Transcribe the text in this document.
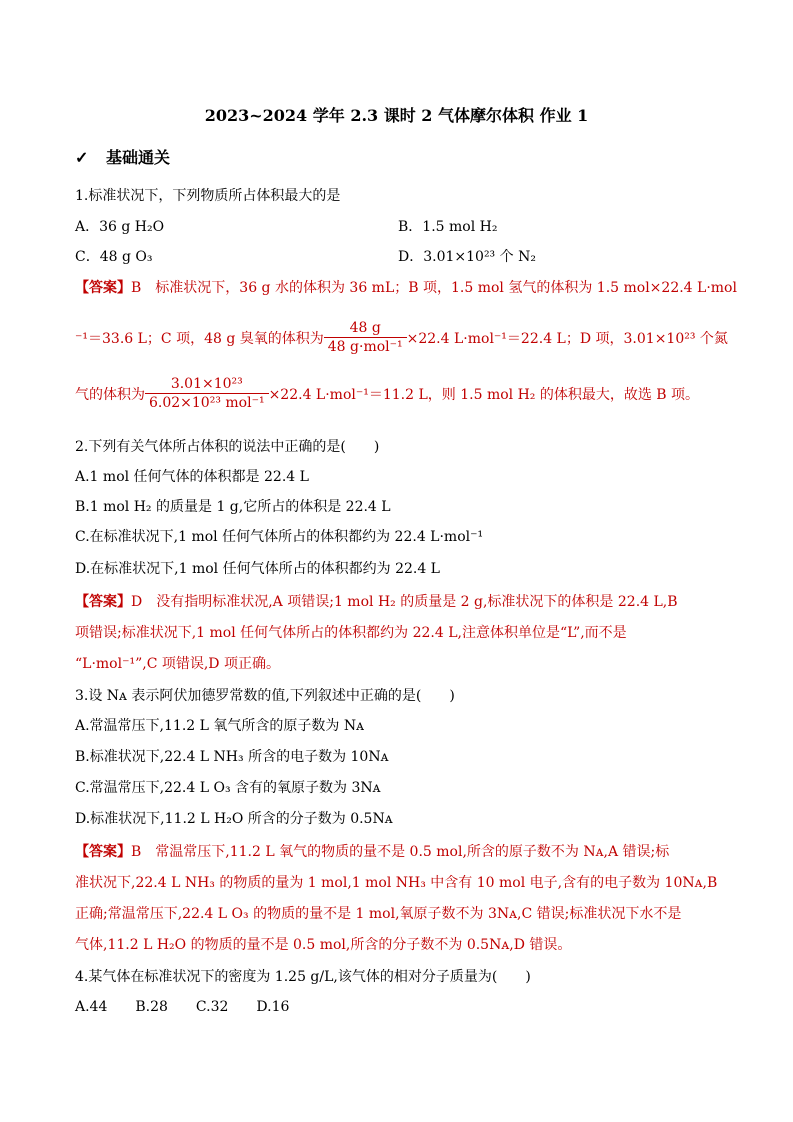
2023~2024 学年 2.3 课时 2 气体摩尔体积 作业 1
✓ 基础通关
1.标准状况下，下列物质所占体积最大的是
A．36 g H₂O	B．1.5 mol H₂
C．48 g O₃	D．3.01×10²³ 个 N₂
【答案】B　标准状况下，36 g 水的体积为 36 mL；B 项，1.5 mol 氢气的体积为 1.5 mol×22.4 L·mol
⁻¹＝33.6 L；C 项，48 g 臭氧的体积为 $\frac{48 g}{\text{48 g·mol⁻¹}} \times 22.4$ L·mol⁻¹＝22.4 L；D 项，3.01×10²³ 个氮
气的体积为 $\frac{\text{3.01×10²³}}{\text{6.02×10²³ mol⁻¹}} \times 22.4$ L·mol⁻¹＝11.2 L，则 1.5 mol H₂ 的体积最大，故选 B 项。
2.下列有关气体所占体积的说法中正确的是(　　)
A.1 mol 任何气体的体积都是 22.4 L
B.1 mol H₂ 的质量是 1 g,它所占的体积是 22.4 L
C.在标准状况下,1 mol 任何气体所占的体积都约为 22.4 L·mol⁻¹
D.在标准状况下,1 mol 任何气体所占的体积都约为 22.4 L
【答案】D　没有指明标准状况,A 项错误;1 mol H₂ 的质量是 2 g,标准状况下的体积是 22.4 L,B
项错误;标准状况下,1 mol 任何气体所占的体积都约为 22.4 L,注意体积单位是“L”,而不是
“L·mol⁻¹”,C 项错误,D 项正确。
3.设 Nᴀ 表示阿伏加德罗常数的值,下列叙述中正确的是(　　)
A.常温常压下,11.2 L 氧气所含的原子数为 Nᴀ
B.标准状况下,22.4 L NH₃ 所含的电子数为 10Nᴀ
C.常温常压下,22.4 L O₃ 含有的氧原子数为 3Nᴀ
D.标准状况下,11.2 L H₂O 所含的分子数为 0.5Nᴀ
【答案】B　常温常压下,11.2 L 氧气的物质的量不是 0.5 mol,所含的原子数不为 Nᴀ,A 错误;标
准状况下,22.4 L NH₃ 的物质的量为 1 mol,1 mol NH₃ 中含有 10 mol 电子,含有的电子数为 10Nᴀ,B
正确;常温常压下,22.4 L O₃ 的物质的量不是 1 mol,氧原子数不为 3Nᴀ,C 错误;标准状况下水不是
气体,11.2 L H₂O 的物质的量不是 0.5 mol,所含的分子数不为 0.5Nᴀ,D 错误。
4.某气体在标准状况下的密度为 1.25 g/L,该气体的相对分子质量为(　　)
A.44　　B.28　　C.32　　D.16
